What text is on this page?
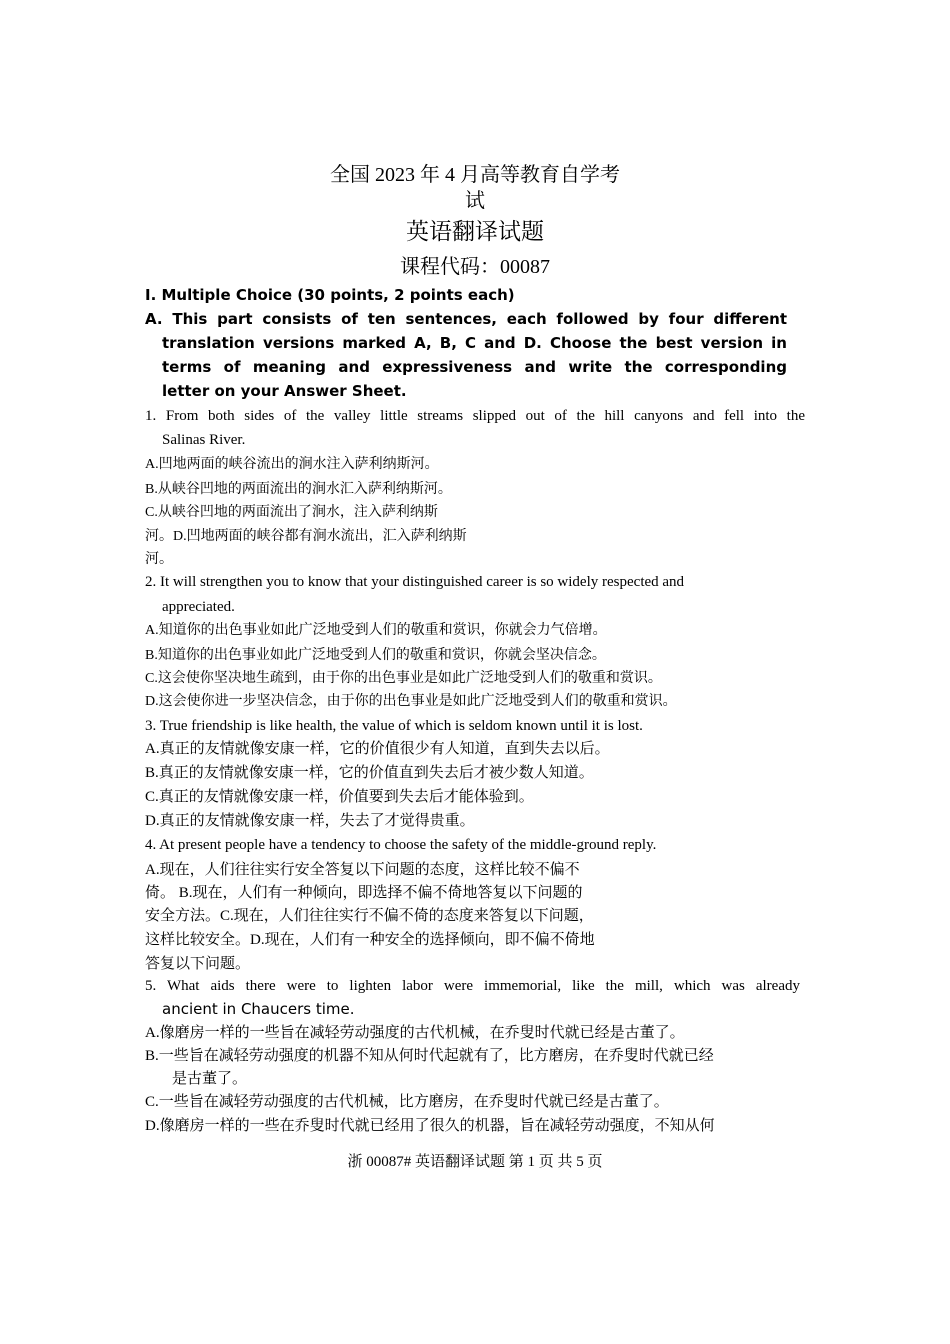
全国 2023 年 4 月高等教育自学考
试
英语翻译试题
课程代码：00087
I. Multiple Choice (30 points, 2 points each)
A. This part consists of ten sentences, each followed by four different
translation versions marked A, B, C and D. Choose the best version in
terms of meaning and expressiveness and write the corresponding
letter on your Answer Sheet.
1. From both sides of the valley little streams slipped out of the hill canyons and fell into the
Salinas River.
A.凹地两面的峡谷流出的涧水注入萨利纳斯河。
B.从峡谷凹地的两面流出的涧水汇入萨利纳斯河。
C.从峡谷凹地的两面流出了涧水，注入萨利纳斯
河。D.凹地两面的峡谷都有涧水流出，汇入萨利纳斯
河。
2. It will strengthen you to know that your distinguished career is so widely respected and
appreciated.
A.知道你的出色事业如此广泛地受到人们的敬重和赏识，你就会力气倍增。
B.知道你的出色事业如此广泛地受到人们的敬重和赏识，你就会坚决信念。
C.这会使你坚决地生疏到，由于你的出色事业是如此广泛地受到人们的敬重和赏识。
D.这会使你进一步坚决信念，由于你的出色事业是如此广泛地受到人们的敬重和赏识。
3. True friendship is like health, the value of which is seldom known until it is lost.
A.真正的友情就像安康一样，它的价值很少有人知道，直到失去以后。
B.真正的友情就像安康一样，它的价值直到失去后才被少数人知道。
C.真正的友情就像安康一样，价值要到失去后才能体验到。
D.真正的友情就像安康一样，失去了才觉得贵重。
4. At present people have a tendency to choose the safety of the middle-ground reply.
A.现在，人们往往实行安全答复以下问题的态度，这样比较不偏不
倚。 B.现在，人们有一种倾向，即选择不偏不倚地答复以下问题的
安全方法。C.现在，人们往往实行不偏不倚的态度来答复以下问题，
这样比较安全。D.现在，人们有一种安全的选择倾向，即不偏不倚地
答复以下问题。
5. What aids there were to lighten labor were immemorial, like the mill, which was already
ancient in Chaucers time.
A.像磨房一样的一些旨在减轻劳动强度的古代机械，在乔叟时代就已经是古董了。
B.一些旨在减轻劳动强度的机器不知从何时代起就有了，比方磨房，在乔叟时代就已经
是古董了。
C.一些旨在减轻劳动强度的古代机械，比方磨房，在乔叟时代就已经是古董了。
D.像磨房一样的一些在乔叟时代就已经用了很久的机器，旨在减轻劳动强度，不知从何
浙 00087# 英语翻译试题 第 1 页 共 5 页
